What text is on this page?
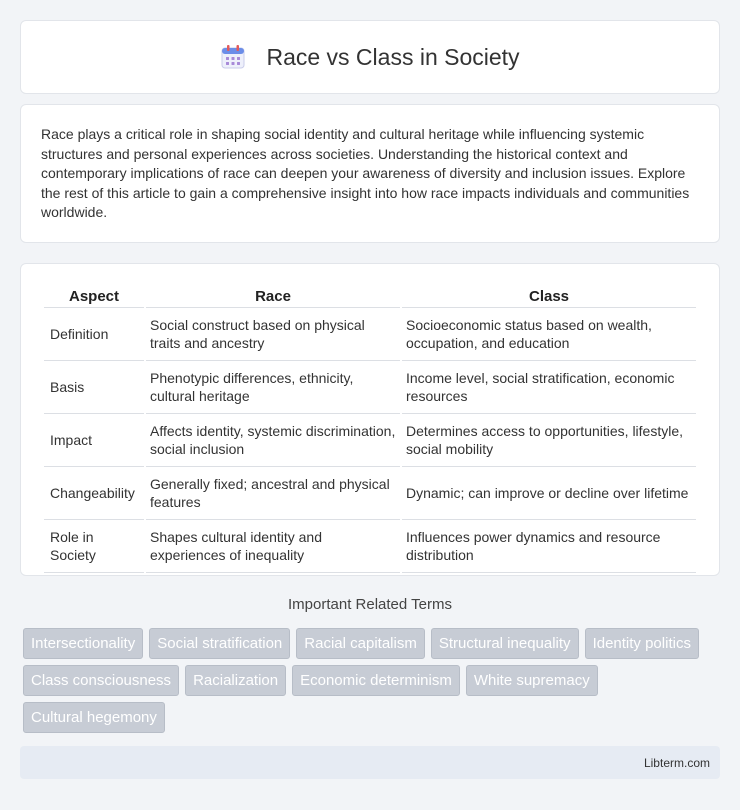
Race vs Class in Society

Race plays a critical role in shaping social identity and cultural heritage while influencing systemic structures and personal experiences across societies. Understanding the historical context and contemporary implications of race can deepen your awareness of diversity and inclusion issues. Explore the rest of this article to gain a comprehensive insight into how race impacts individuals and communities worldwide.

Aspect	Race	Class
Definition	Social construct based on physical traits and ancestry	Socioeconomic status based on wealth, occupation, and education
Basis	Phenotypic differences, ethnicity, cultural heritage	Income level, social stratification, economic resources
Impact	Affects identity, systemic discrimination, social inclusion	Determines access to opportunities, lifestyle, social mobility
Changeability	Generally fixed; ancestral and physical features	Dynamic; can improve or decline over lifetime
Role in Society	Shapes cultural identity and experiences of inequality	Influences power dynamics and resource distribution
Important Related Terms
Intersectionality	Social stratification	Racial capitalism	Structural inequality	Identity politics
Class consciousness	Racialization	Economic determinism	White supremacy
Cultural hegemony
Libterm.com
